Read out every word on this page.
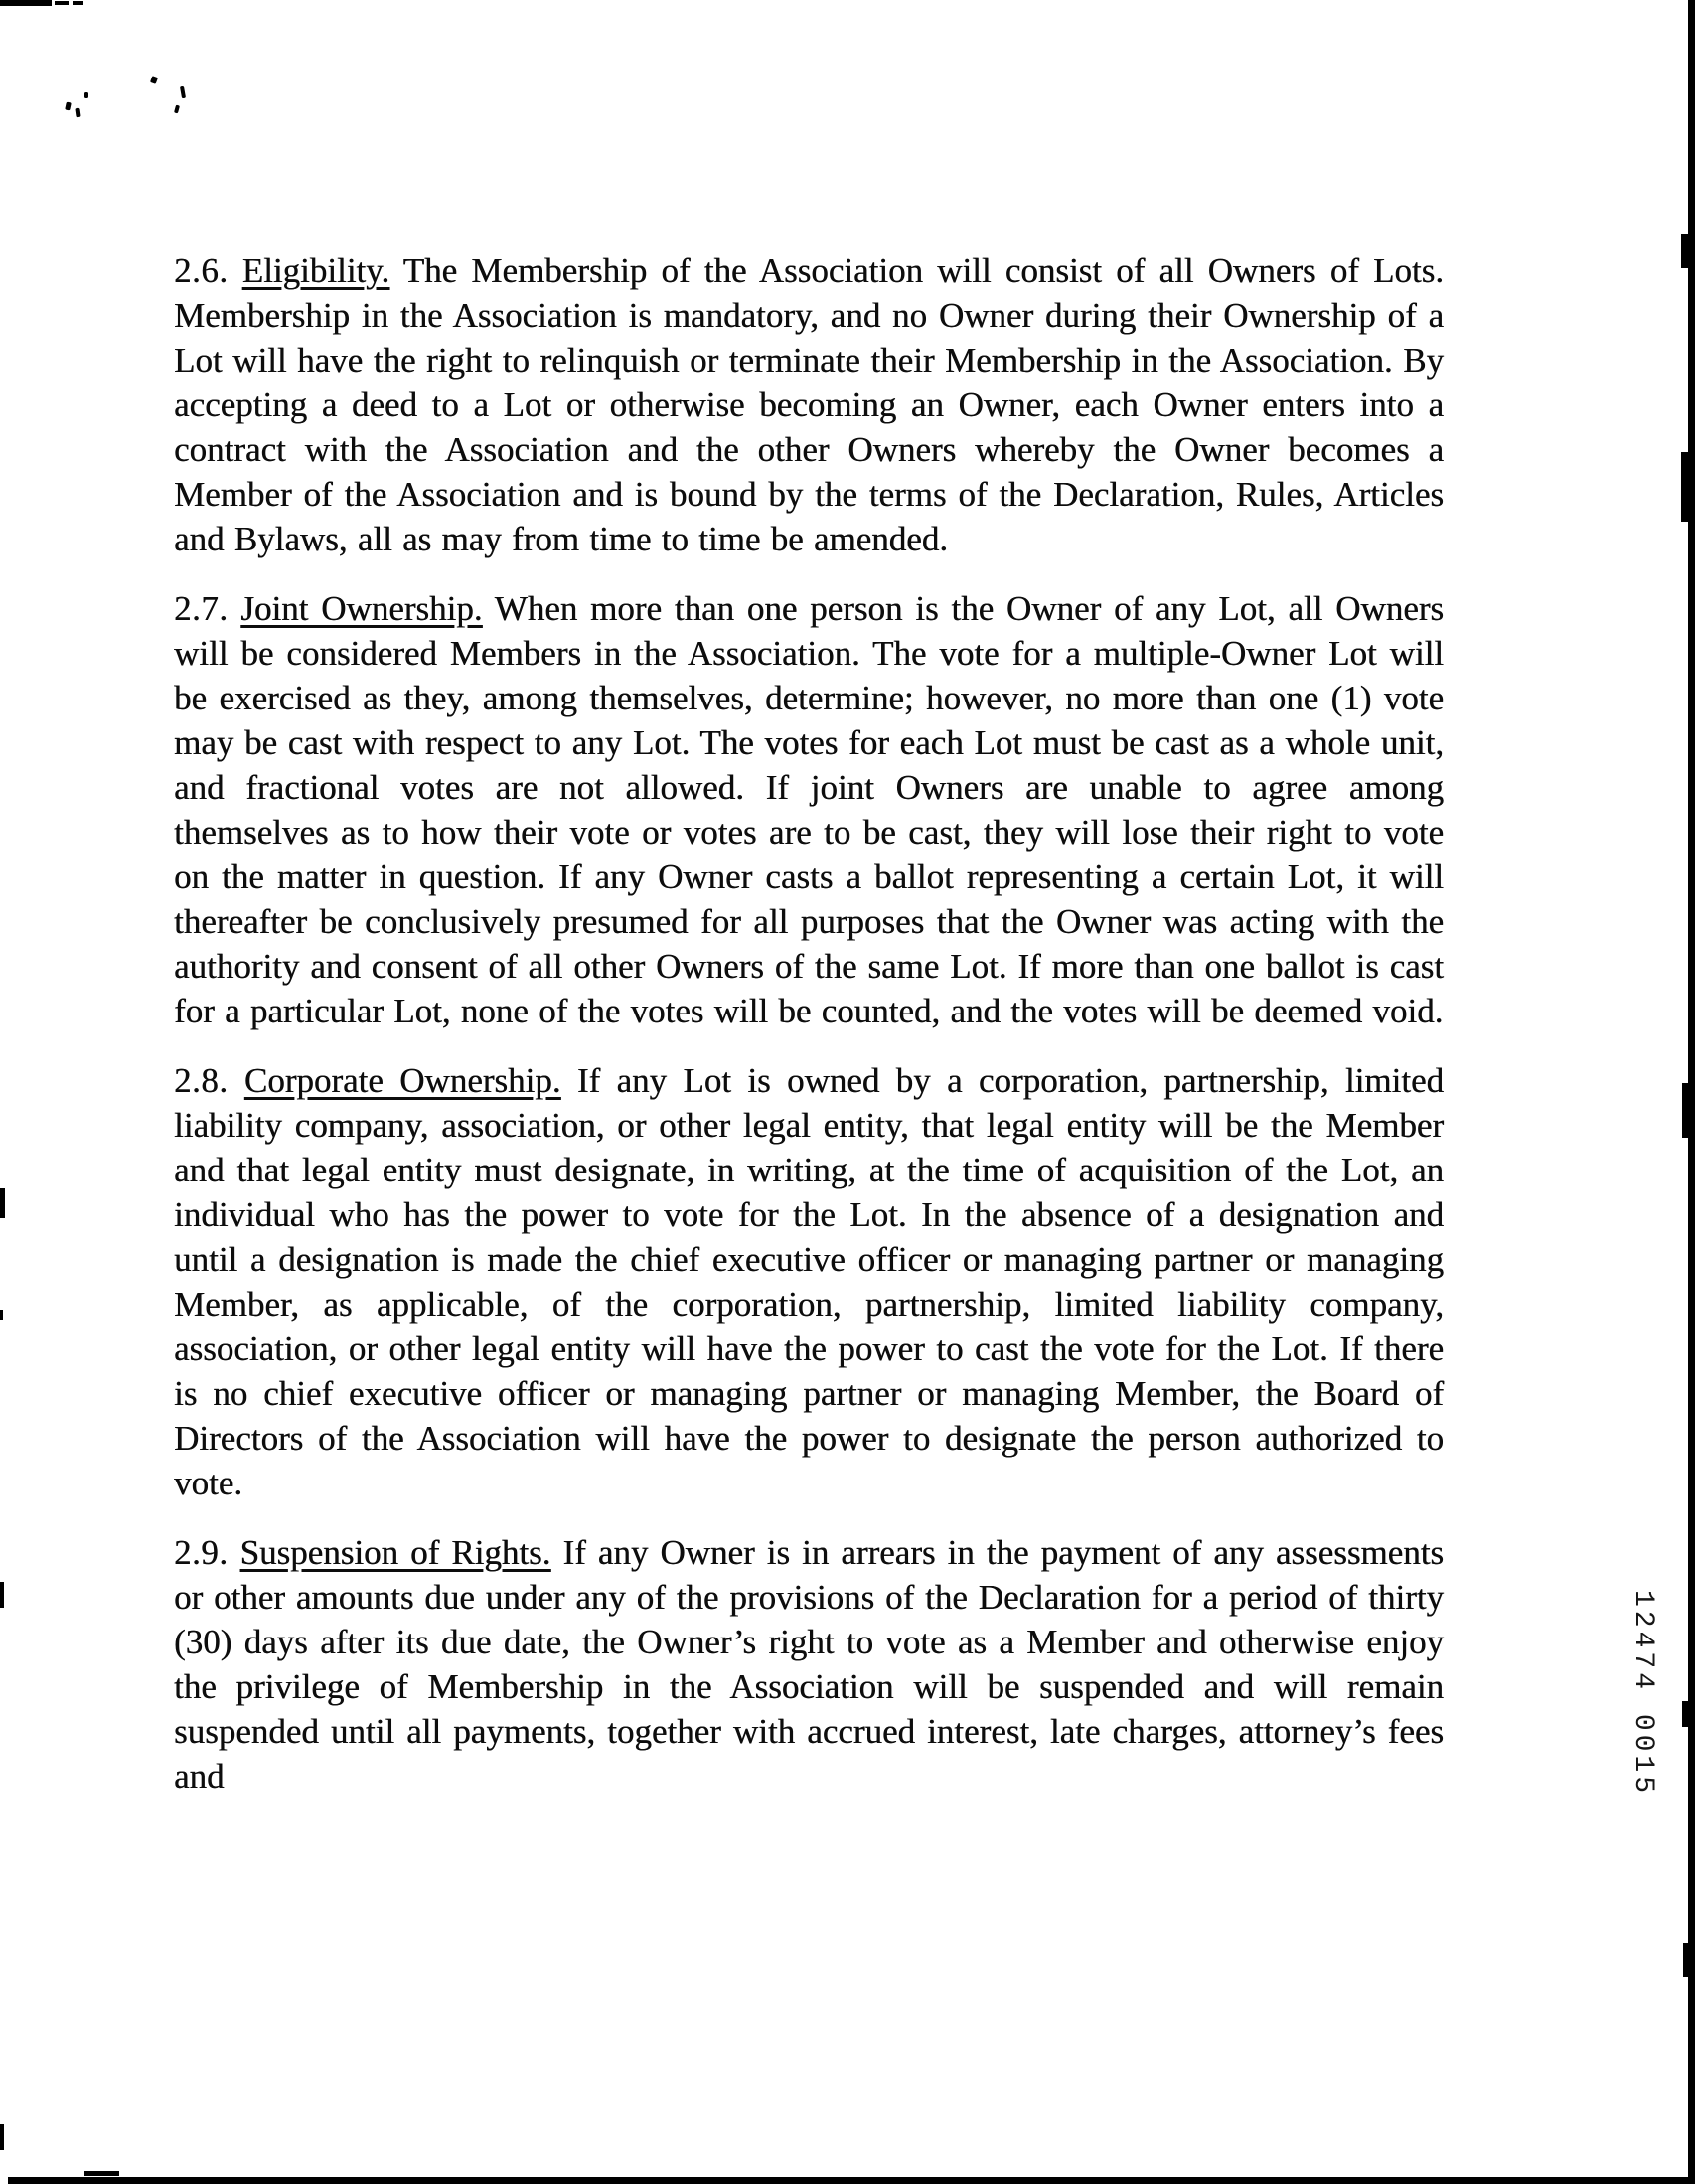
2.6. Eligibility. The Membership of the Association will consist of all Owners of Lots. Membership in the Association is mandatory, and no Owner during their Ownership of a Lot will have the right to relinquish or terminate their Membership in the Association. By accepting a deed to a Lot or otherwise becoming an Owner, each Owner enters into a contract with the Association and the other Owners whereby the Owner becomes a Member of the Association and is bound by the terms of the Declaration, Rules, Articles and Bylaws, all as may from time to time be amended.

2.7. Joint Ownership. When more than one person is the Owner of any Lot, all Owners will be considered Members in the Association. The vote for a multiple-Owner Lot will be exercised as they, among themselves, determine; however, no more than one (1) vote may be cast with respect to any Lot. The votes for each Lot must be cast as a whole unit, and fractional votes are not allowed. If joint Owners are unable to agree among themselves as to how their vote or votes are to be cast, they will lose their right to vote on the matter in question. If any Owner casts a ballot representing a certain Lot, it will thereafter be conclusively presumed for all purposes that the Owner was acting with the authority and consent of all other Owners of the same Lot. If more than one ballot is cast for a particular Lot, none of the votes will be counted, and the votes will be deemed void.

2.8. Corporate Ownership. If any Lot is owned by a corporation, partnership, limited liability company, association, or other legal entity, that legal entity will be the Member and that legal entity must designate, in writing, at the time of acquisition of the Lot, an individual who has the power to vote for the Lot. In the absence of a designation and until a designation is made the chief executive officer or managing partner or managing Member, as applicable, of the corporation, partnership, limited liability company, association, or other legal entity will have the power to cast the vote for the Lot. If there is no chief executive officer or managing partner or managing Member, the Board of Directors of the Association will have the power to designate the person authorized to vote.

2.9. Suspension of Rights. If any Owner is in arrears in the payment of any assessments or other amounts due under any of the provisions of the Declaration for a period of thirty (30) days after its due date, the Owner’s right to vote as a Member and otherwise enjoy the privilege of Membership in the Association will be suspended and will remain suspended until all payments, together with accrued interest, late charges, attorney’s fees and	12474 0015
